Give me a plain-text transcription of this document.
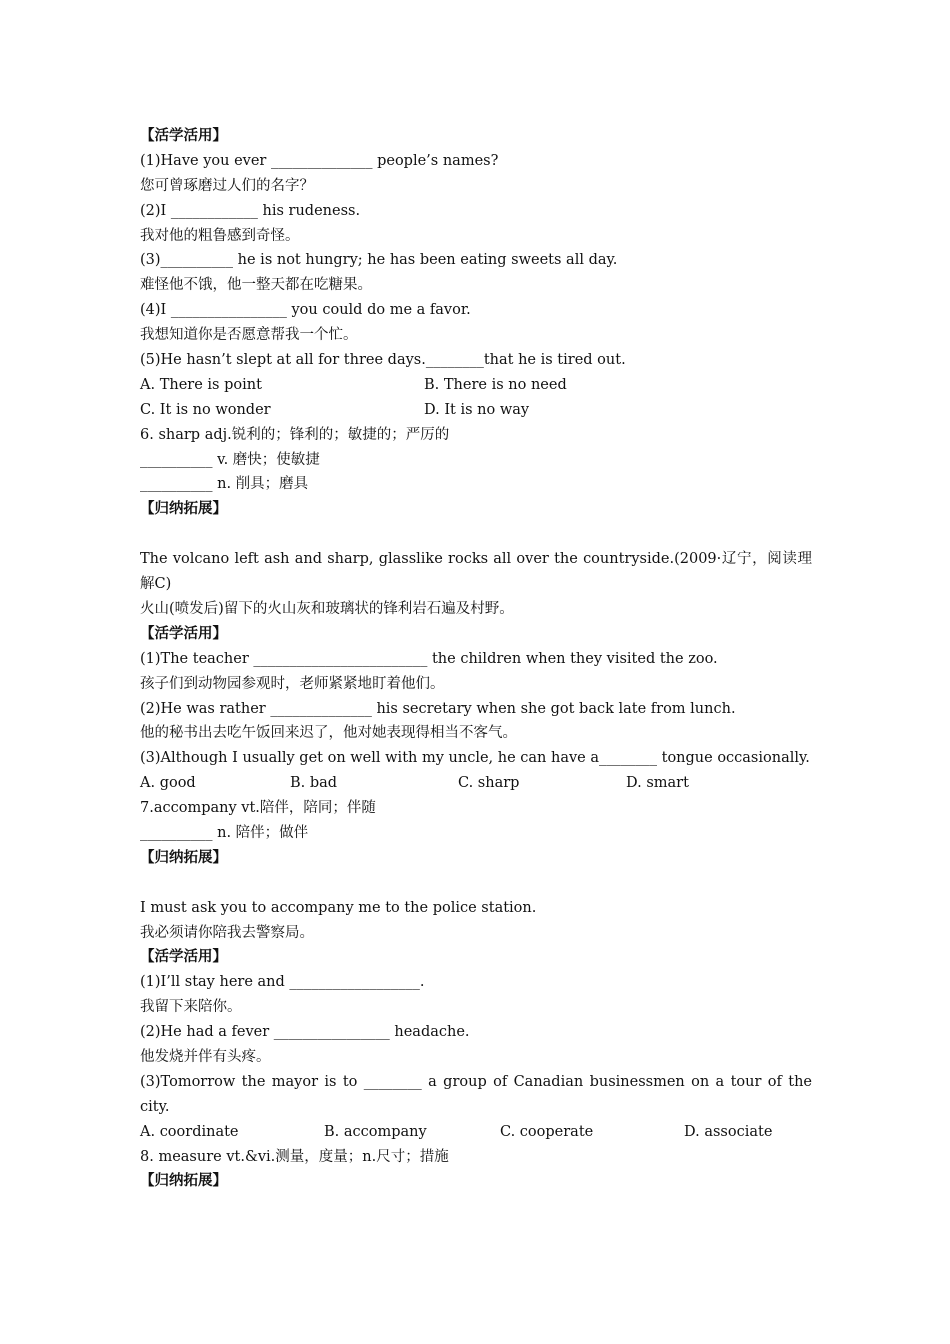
【活学活用】
(1)Have you ever ______________ people’s names?
您可曾琢磨过人们的名字？
(2)I ____________ his rudeness.
我对他的粗鲁感到奇怪。
(3)__________ he is not hungry; he has been eating sweets all day.
难怪他不饿，他一整天都在吃糖果。
(4)I ________________ you could do me a favor.
我想知道你是否愿意帮我一个忙。
(5)He hasn’t slept at all for three days.________that he is tired out.
A. There is point	B. There is no need
C. It is no wonder	D. It is no way
6. sharp adj.锐利的；锋利的；敏捷的；严厉的
__________ v. 磨快；使敏捷
__________ n. 削具；磨具
【归纳拓展】
The volcano left ash and sharp, glasslike rocks all over the countryside.(2009·辽宁，阅读理解C)
火山(喷发后)留下的火山灰和玻璃状的锋利岩石遍及村野。
【活学活用】
(1)The teacher ________________________ the children when they visited the zoo.
孩子们到动物园参观时，老师紧紧地盯着他们。
(2)He was rather ______________ his secretary when she got back late from lunch.
他的秘书出去吃午饭回来迟了，他对她表现得相当不客气。
(3)Although I usually get on well with my uncle, he can have a________ tongue occasionally.
A. good	B. bad	C. sharp	D. smart
7.accompany vt.陪伴，陪同；伴随
__________ n. 陪伴；做伴
【归纳拓展】
I must ask you to accompany me to the police station.
我必须请你陪我去警察局。
【活学活用】
(1)I’ll stay here and __________________.
我留下来陪你。
(2)He had a fever ________________ headache.
他发烧并伴有头疼。
(3)Tomorrow the mayor is to ________ a group of Canadian businessmen on a tour of the city.
A. coordinate	B. accompany	C. cooperate	D. associate
8. measure vt.&vi.测量，度量；n.尺寸；措施
【归纳拓展】
